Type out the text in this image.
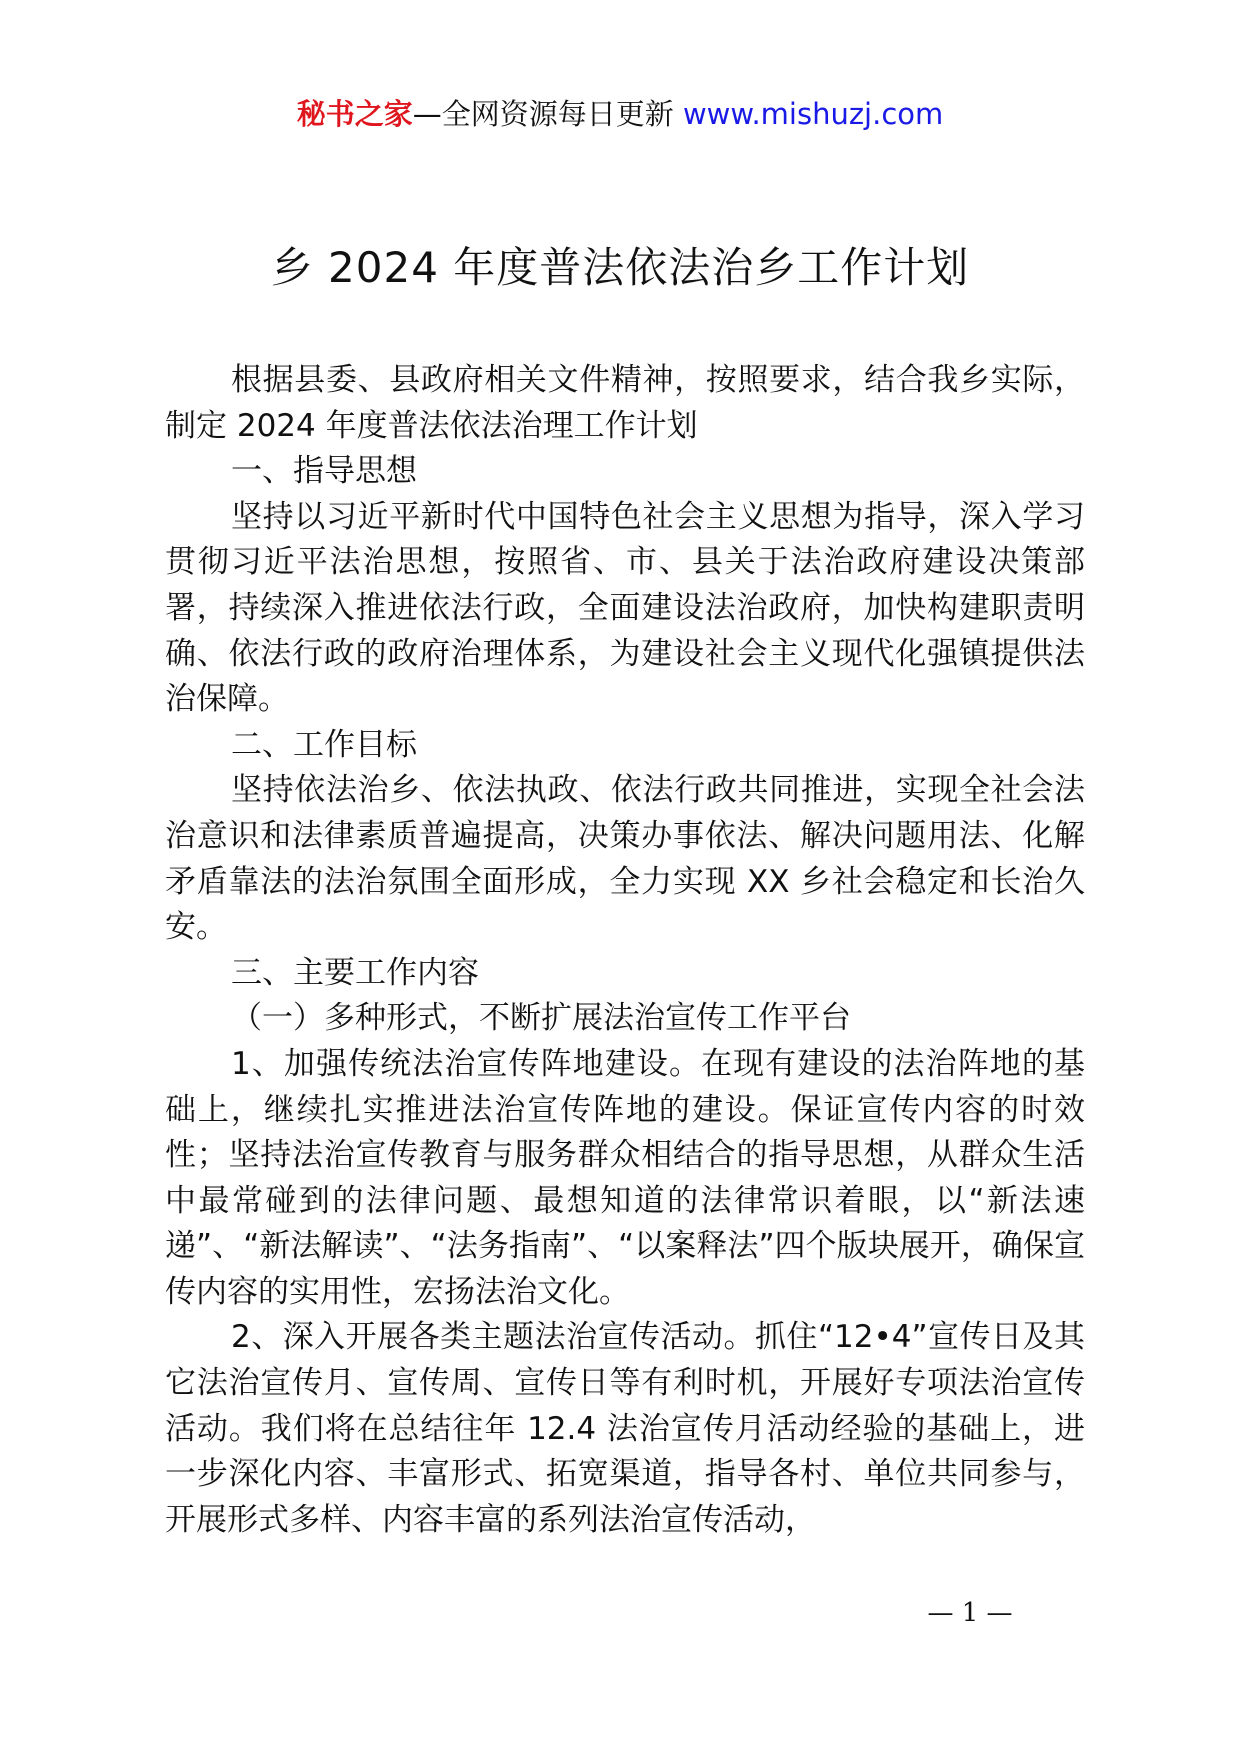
秘书之家—全网资源每日更新 www.mishuzj.com
乡 2024 年度普法依法治乡工作计划

根据县委、县政府相关文件精神，按照要求，结合我乡实际，制定 2024 年度普法依法治理工作计划

一、指导思想

坚持以习近平新时代中国特色社会主义思想为指导，深入学习贯彻习近平法治思想，按照省、市、县关于法治政府建设决策部署，持续深入推进依法行政，全面建设法治政府，加快构建职责明确、依法行政的政府治理体系，为建设社会主义现代化强镇提供法治保障。

二、工作目标

坚持依法治乡、依法执政、依法行政共同推进，实现全社会法治意识和法律素质普遍提高，决策办事依法、解决问题用法、化解矛盾靠法的法治氛围全面形成，全力实现 XX 乡社会稳定和长治久安。

三、主要工作内容

（一）多种形式，不断扩展法治宣传工作平台

1、加强传统法治宣传阵地建设。在现有建设的法治阵地的基础上，继续扎实推进法治宣传阵地的建设。保证宣传内容的时效性；坚持法治宣传教育与服务群众相结合的指导思想，从群众生活中最常碰到的法律问题、最想知道的法律常识着眼，以“新法速递”、“新法解读”、“法务指南”、“以案释法”四个版块展开，确保宣传内容的实用性，宏扬法治文化。

2、深入开展各类主题法治宣传活动。抓住“12•4”宣传日及其它法治宣传月、宣传周、宣传日等有利时机，开展好专项法治宣传活动。我们将在总结往年 12.4 法治宣传月活动经验的基础上，进一步深化内容、丰富形式、拓宽渠道，指导各村、单位共同参与，开展形式多样、内容丰富的系列法治宣传活动，

— 1 —
